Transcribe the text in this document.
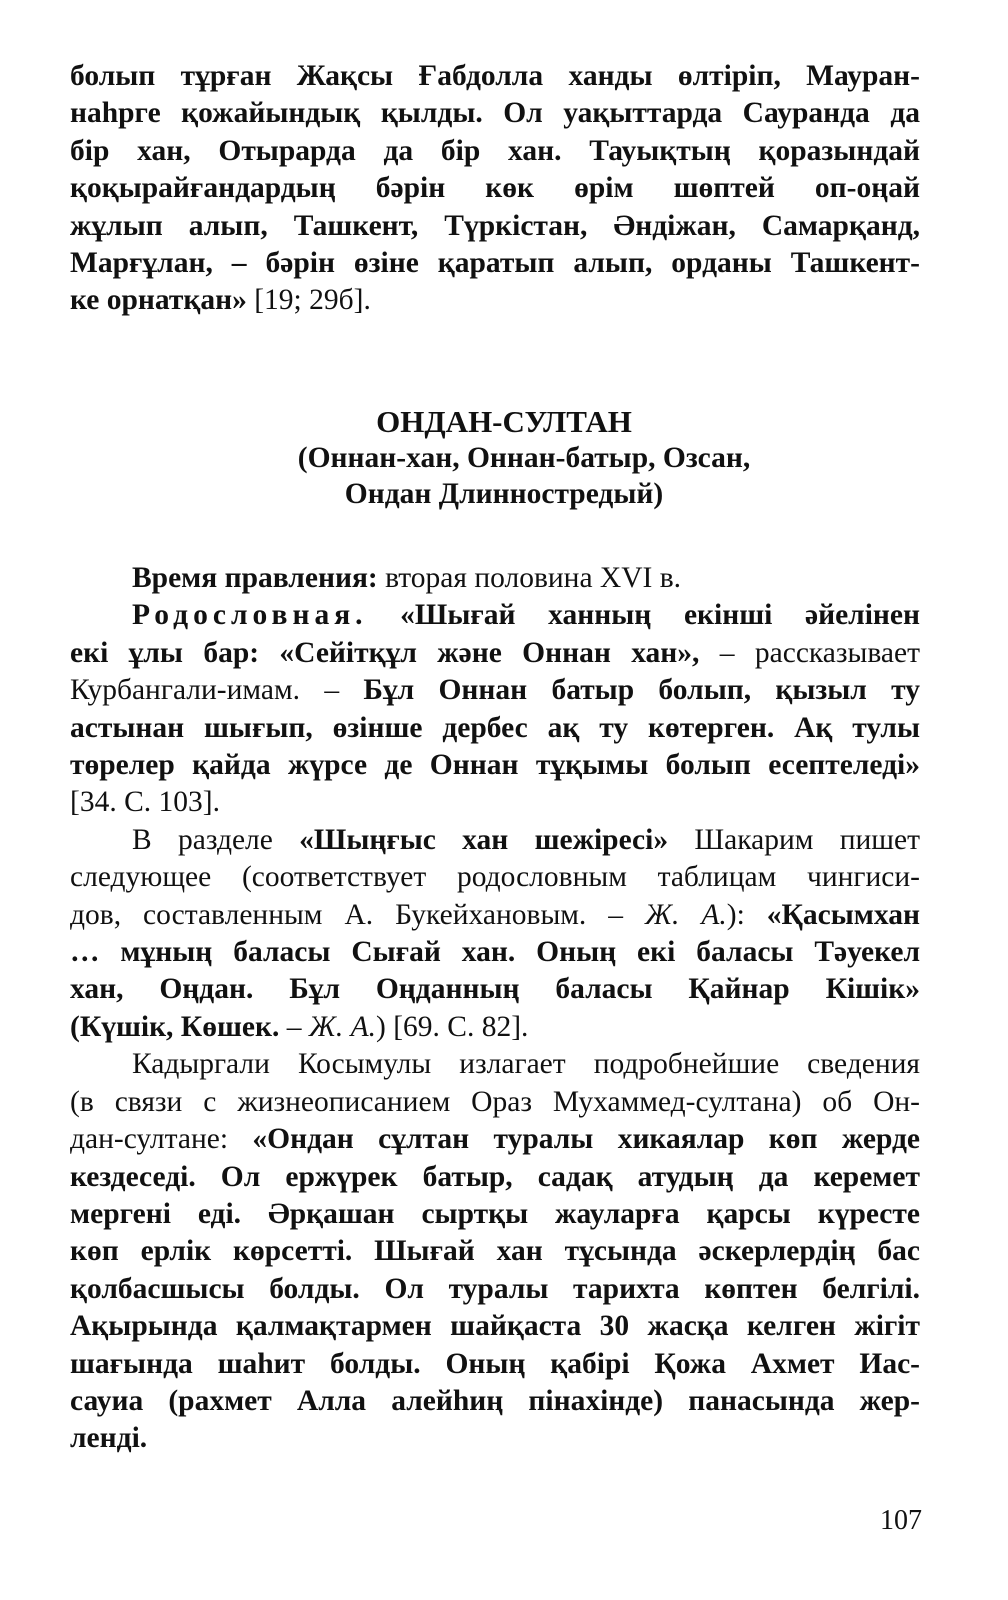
болып тұрған Жақсы Ғабдолла ханды өлтіріп, Мауран-
наһрге қожайындық қылды. Ол уақыттарда Сауранда да
бір хан, Отырарда да бір хан. Тауықтың қоразындай
қоқырайғандардың бәрін көк өрім шөптей оп-оңай
жұлып алып, Ташкент, Түркістан, Әндіжан, Самарқанд,
Марғұлан, – бәрін өзіне қаратып алып, орданы Ташкент-
ке орнатқан» [19; 29б].
ОНДАН-СУЛТАН
(Оннан-хан, Оннан-батыр, Озсан,
Ондан Длинностредый)
Время правления: вторая половина XVI в.
Родословная. «Шығай ханның екінші әйелінен
екі ұлы бар: «Сейітқұл және Оннан хан», – рассказывает
Курбангали-имам. – Бұл Оннан батыр болып, қызыл ту
астынан шығып, өзінше дербес ақ ту көтерген. Ақ тулы
төрелер қайда жүрсе де Оннан тұқымы болып есептеледі»
[34. С. 103].
В разделе «Шыңғыс хан шежіресі» Шакарим пишет
следующее (соответствует родословным таблицам чингиси-
дов, составленным А. Букейхановым. – Ж. А.): «Қасымхан
… мұның баласы Сығай хан. Оның екі баласы Тәуекел
хан, Оңдан. Бұл Оңданның баласы Қайнар Кішік»
(Күшік, Көшек. – Ж. А.) [69. С. 82].
Кадыргали Косымулы излагает подробнейшие сведения
(в связи с жизнеописанием Ораз Мухаммед-султана) об Он-
дан-султане: «Ондан сұлтан туралы хикаялар көп жерде
кездеседі. Ол ержүрек батыр, садақ атудың да керемет
мергені еді. Әрқашан сыртқы жауларға қарсы күресте
көп ерлік көрсетті. Шығай хан тұсында әскерлердің бас
қолбасшысы болды. Ол туралы тарихта көптен белгілі.
Ақырында қалмақтармен шайқаста 30 жасқа келген жігіт
шағында шаһит болды. Оның қабірі Қожа Ахмет Иас-
сауиа (рахмет Алла алейһиң пінахінде) панасында жер-
ленді.
107
